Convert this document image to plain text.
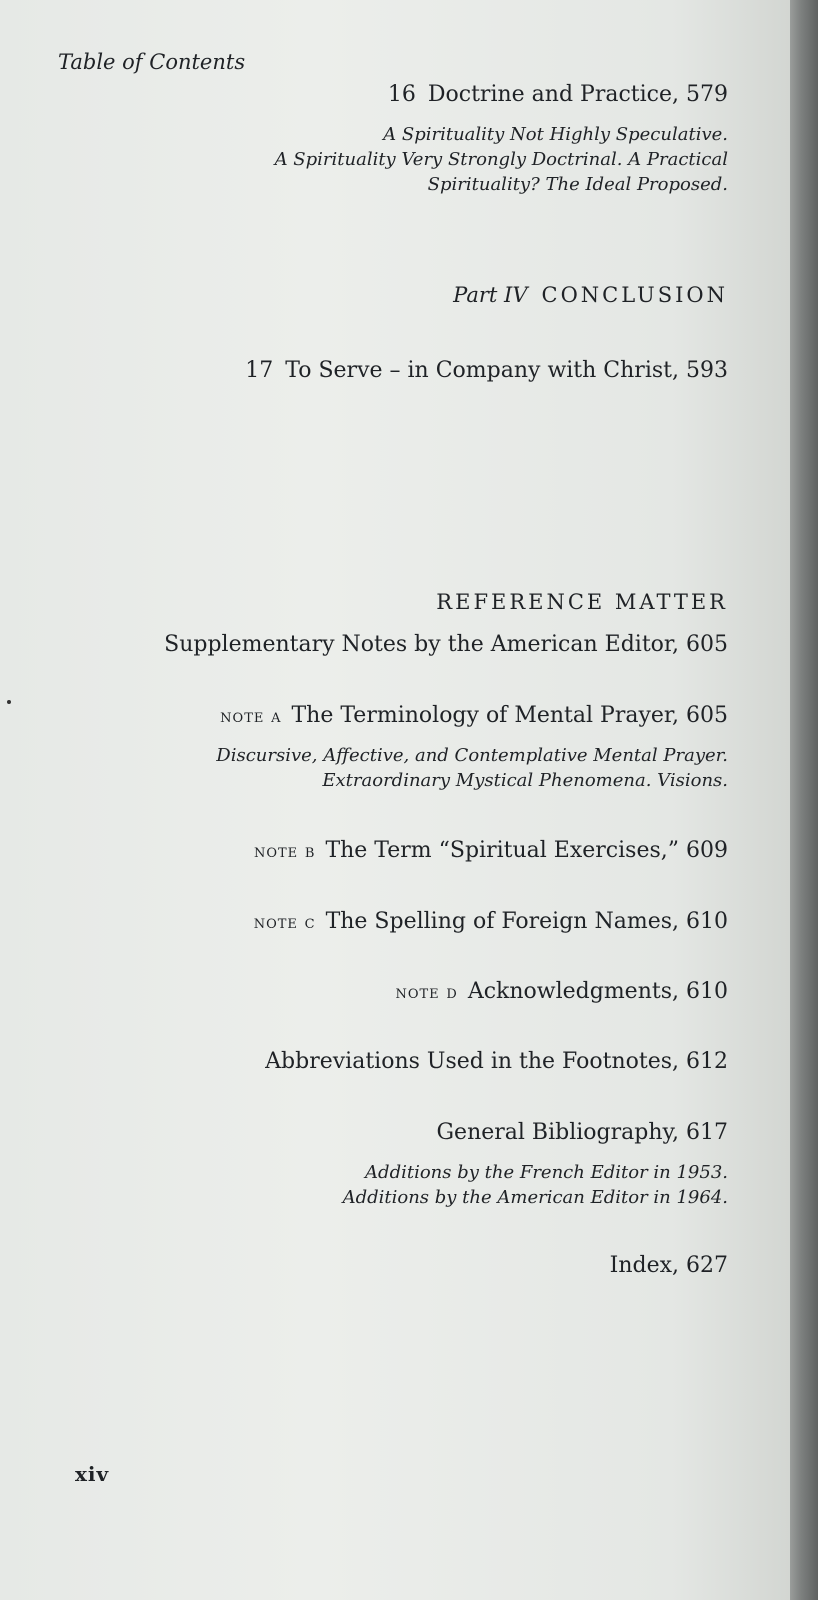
Table of Contents
16 Doctrine and Practice, 579
A Spirituality Not Highly Speculative.
A Spirituality Very Strongly Doctrinal. A Practical
Spirituality? The Ideal Proposed.
Part IV CONCLUSION
17 To Serve – in Company with Christ, 593
REFERENCE MATTER
Supplementary Notes by the American Editor, 605
note a The Terminology of Mental Prayer, 605
Discursive, Affective, and Contemplative Mental Prayer.
Extraordinary Mystical Phenomena. Visions.
note b The Term “Spiritual Exercises,” 609
note c The Spelling of Foreign Names, 610
note d Acknowledgments, 610
Abbreviations Used in the Footnotes, 612
General Bibliography, 617
Additions by the French Editor in 1953.
Additions by the American Editor in 1964.
Index, 627
xiv
